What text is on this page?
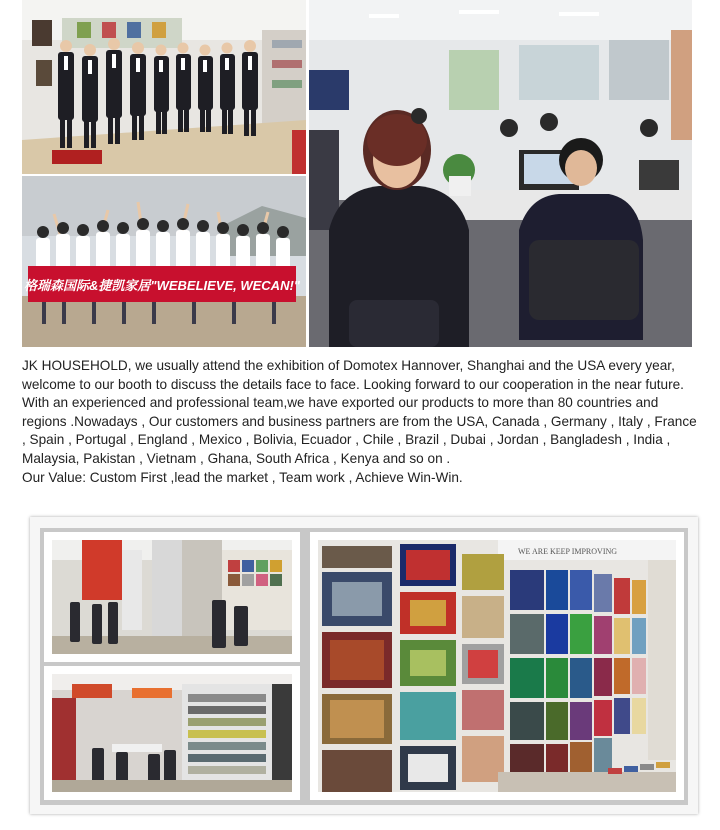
格瑞森国际&捷凯家居"WEBELIEVE, WECAN!"

JK HOUSEHOLD, we usually attend the exhibition of Domotex Hannover, Shanghai and the USA every year, welcome to our booth to discuss the details face to face. Looking forward to our cooperation in the near future.

With an experienced and professional team,we have exported our products to more than 80 countries and regions .Nowadays , Our customers and business partners are from the USA, Canada , Germany , Italy , France , Spain , Portugal , England , Mexico , Bolivia, Ecuador , Chile , Brazil , Dubai , Jordan , Bangladesh , India , Malaysia, Pakistan , Vietnam , Ghana, South Africa , Kenya and so on .

Our Value: Custom First ,lead the market , Team work , Achieve Win-Win.

WE ARE KEEP IMPROVING
